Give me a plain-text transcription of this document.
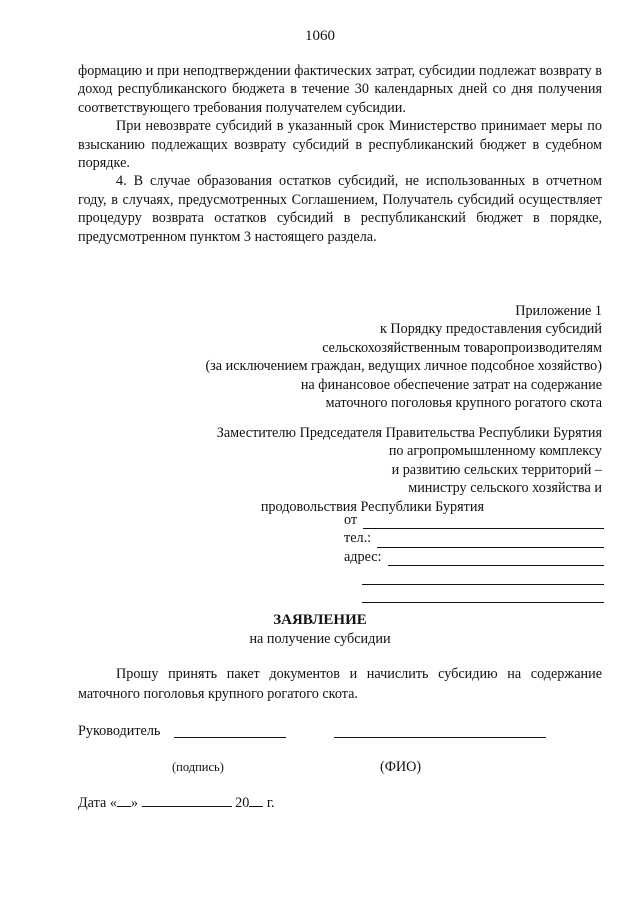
1060

формацию и при неподтверждении фактических затрат, субсидии подлежат возврату в доход республиканского бюджета в течение 30 календарных дней со дня получения соответствующего требования получателем субсидии.

При невозврате субсидий в указанный срок Министерство принимает меры по взысканию подлежащих возврату субсидий в республиканский бюджет в судебном порядке.

4. В случае образования остатков субсидий, не использованных в отчетном году, в случаях, предусмотренных Соглашением, Получатель субсидий осуществляет процедуру возврата остатков субсидий в республиканский бюджет в порядке, предусмотренном пунктом 3 настоящего раздела.

Приложение 1
к Порядку предоставления субсидий
сельскохозяйственным товаропроизводителям
(за исключением граждан, ведущих личное подсобное хозяйство)
на финансовое обеспечение затрат на содержание
маточного поголовья крупного рогатого скота
Заместителю Председателя Правительства Республики Бурятия
по агропромышленному комплексу
и развитию сельских территорий –
министру сельского хозяйства и
продовольствия Республики Бурятия
от
тел.:
адрес:
ЗАЯВЛЕНИЕ
на получение субсидии
Прошу принять пакет документов и начислить субсидию на содержание маточного поголовья крупного рогатого скота.
Руководитель
(подпись)	(ФИО)
Дата « »	20 г.
